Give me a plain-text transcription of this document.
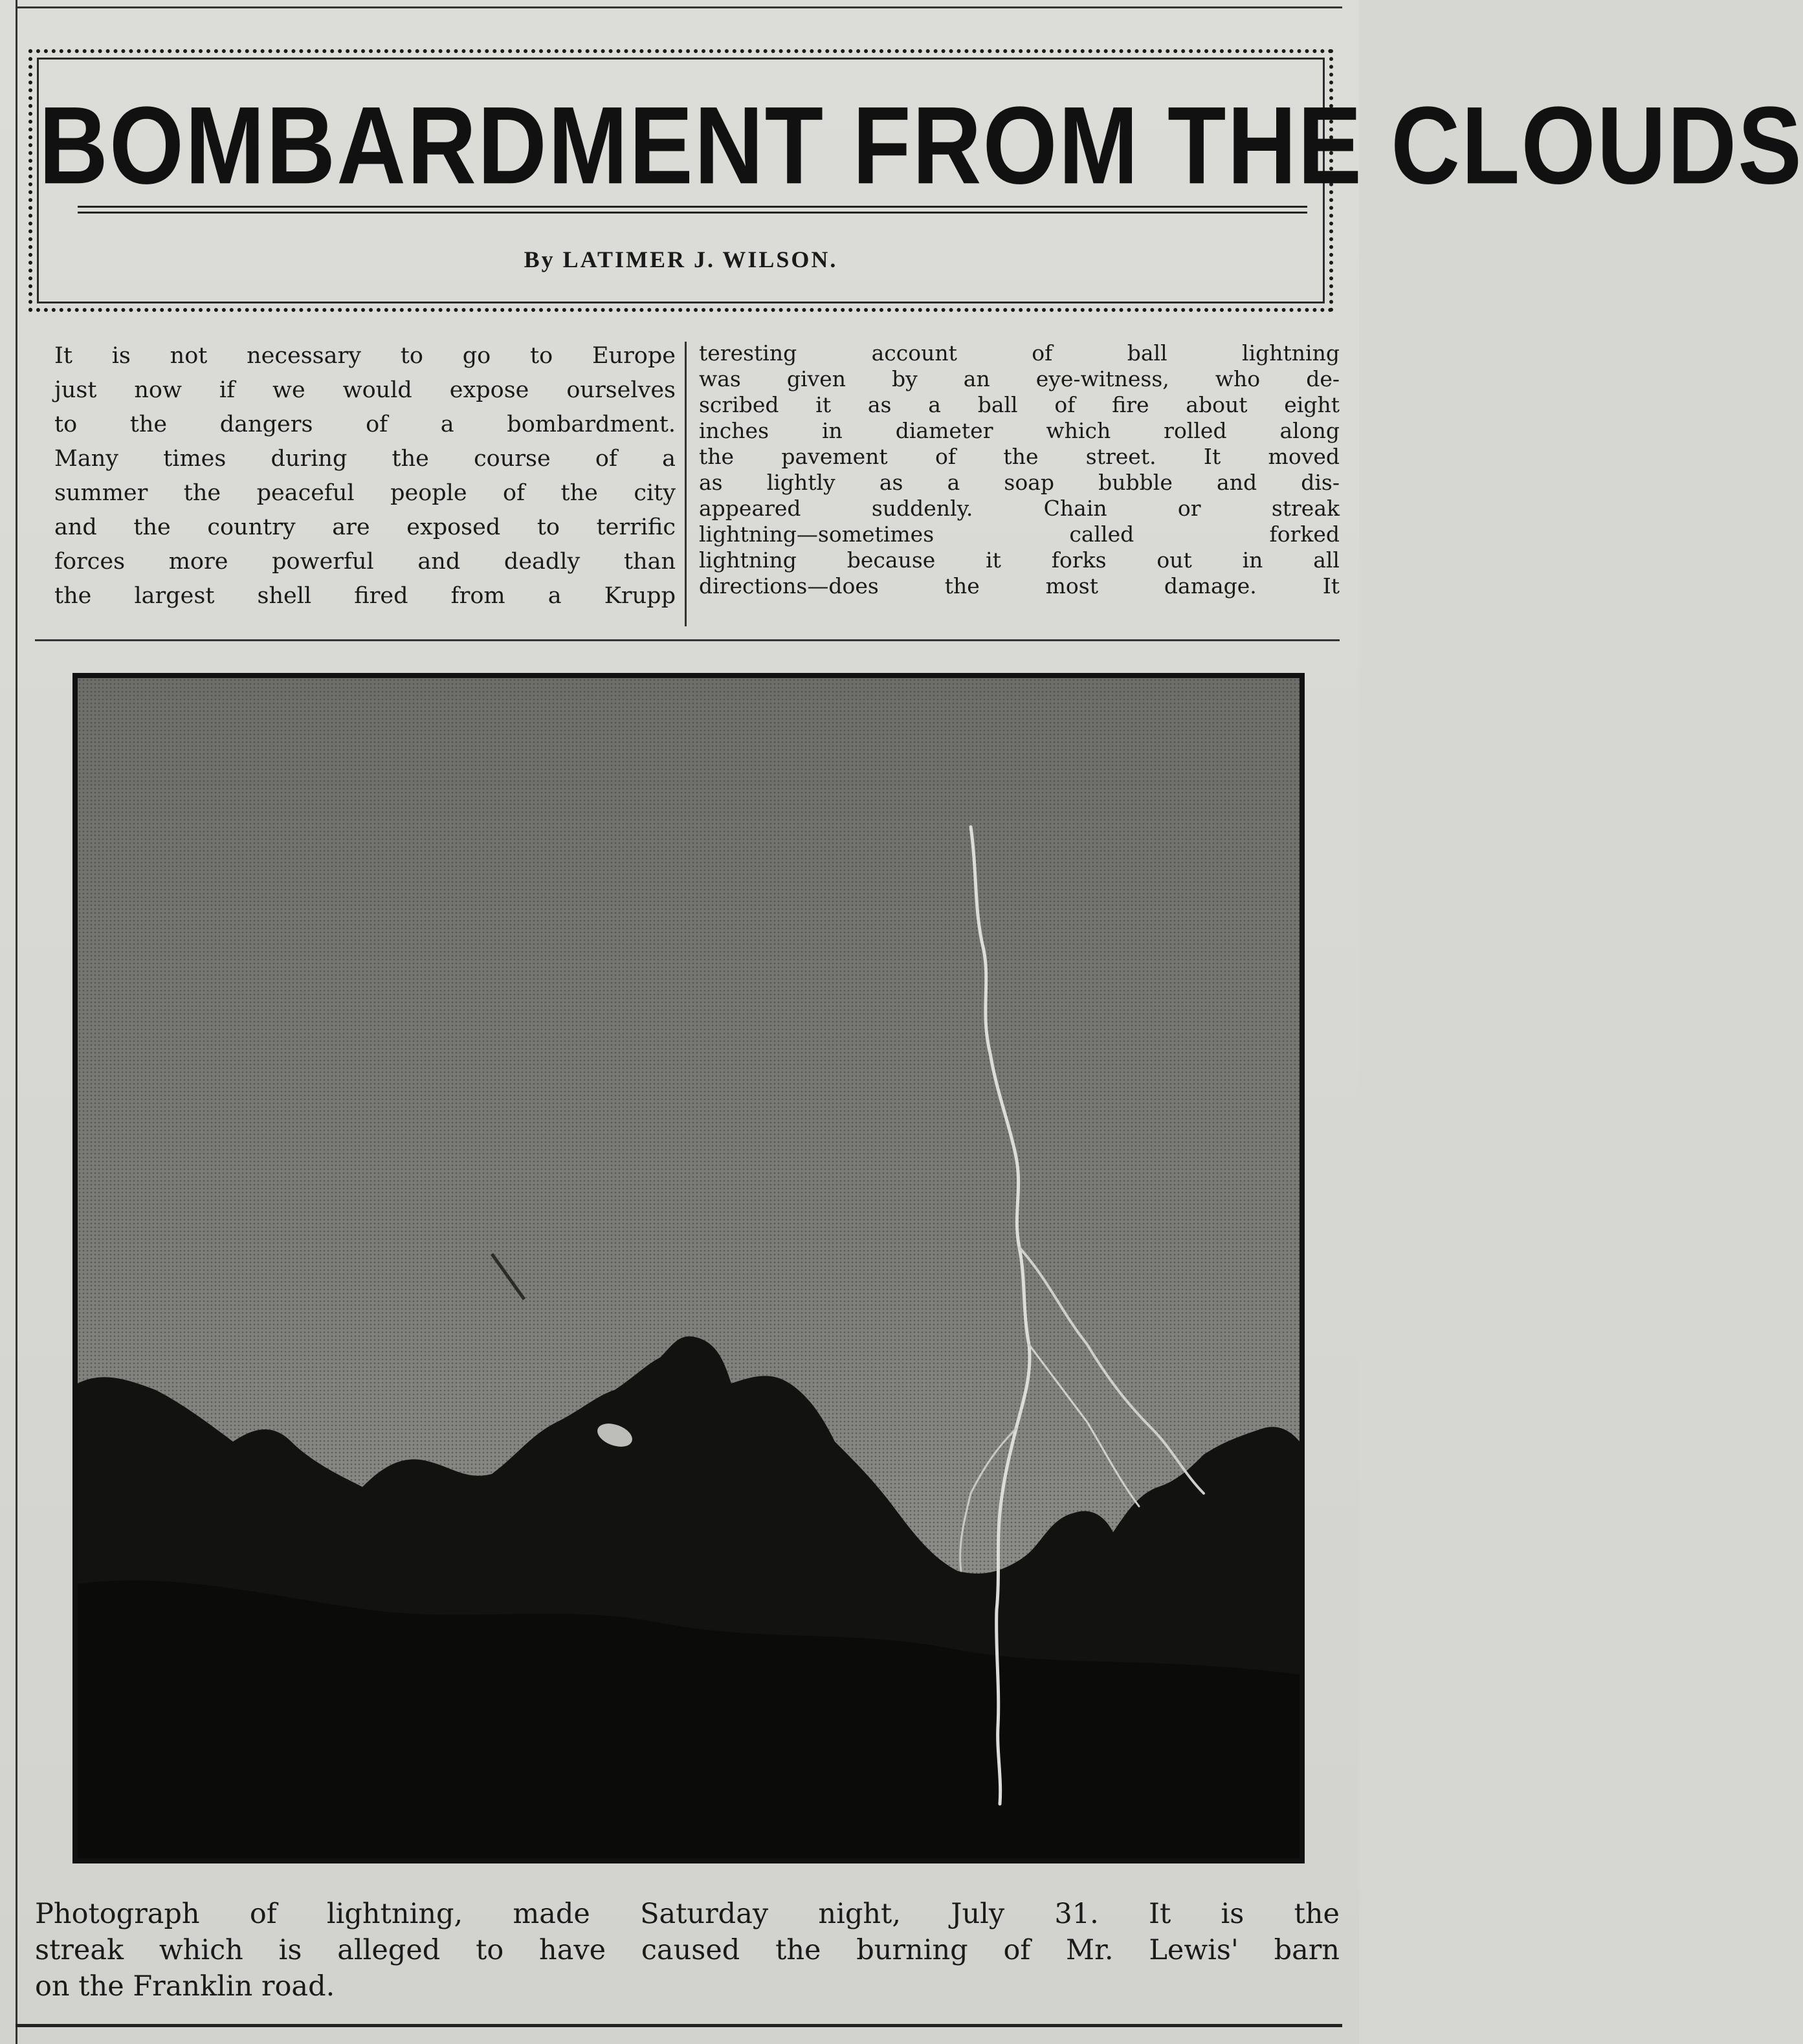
BOMBARDMENT FROM THE CLOUDS
By LATIMER J. WILSON.
It is not necessary to go to Europe
just now if we would expose ourselves
to the dangers of a bombardment.
Many times during the course of a
summer the peaceful people of the city
and the country are exposed to terrific
forces more powerful and deadly than
the largest shell fired from a Krupp
teresting account of ball lightning
was given by an eye-witness, who de-
scribed it as a ball of fire about eight
inches in diameter which rolled along
the pavement of the street. It moved
as lightly as a soap bubble and dis-
appeared suddenly. Chain or streak
lightning—sometimes called forked
lightning because it forks out in all
directions—does the most damage. It
Photograph of lightning, made Saturday night, July 31. It is the
streak which is alleged to have caused the burning of Mr. Lewis' barn
on the Franklin road.
